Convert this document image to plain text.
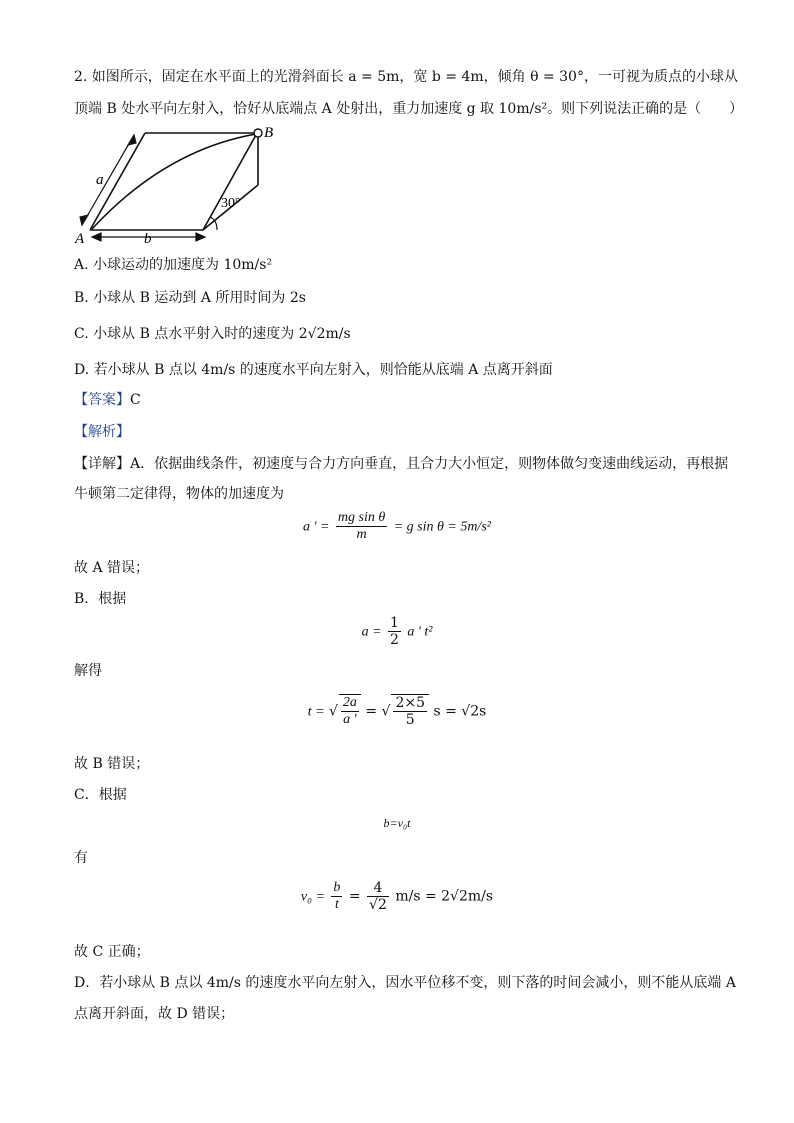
2. 如图所示，固定在水平面上的光滑斜面长 a = 5m，宽 b = 4m，倾角 θ = 30°，一可视为质点的小球从
顶端 B 处水平向左射入，恰好从底端点 A 处射出，重力加速度 g 取 10m/s²。则下列说法正确的是（　　）
a
b
A
B
30°
A. 小球运动的加速度为 10m/s²
B. 小球从 B 运动到 A 所用时间为 2s
C. 小球从 B 点水平射入时的速度为 2√2m/s
D. 若小球从 B 点以 4m/s 的速度水平向左射入，则恰能从底端 A 点离开斜面
【答案】C
【解析】
【详解】A．依据曲线条件，初速度与合力方向垂直，且合力大小恒定，则物体做匀变速曲线运动，再根据
牛顿第二定律得，物体的加速度为
a ' = $\frac{\text{mg sin θ}}{m} = g$ sin θ = 5m/s²
故 A 错误；
B．根据
$a = \frac{1}{2}$ a ' t²
解得
t = √ $\frac{2a}{a '}$ = √ $\frac{2\times 5}{5}$ s = √2s
故 B 错误；
C．根据
b=v₀t
有
$v_0 = \frac{b}{t} = \frac{4}{√2} m/s = 2√2m/s$
故 C 正确；
D．若小球从 B 点以 4m/s 的速度水平向左射入，因水平位移不变，则下落的时间会减小，则不能从底端 A
点离开斜面，故 D 错误；
